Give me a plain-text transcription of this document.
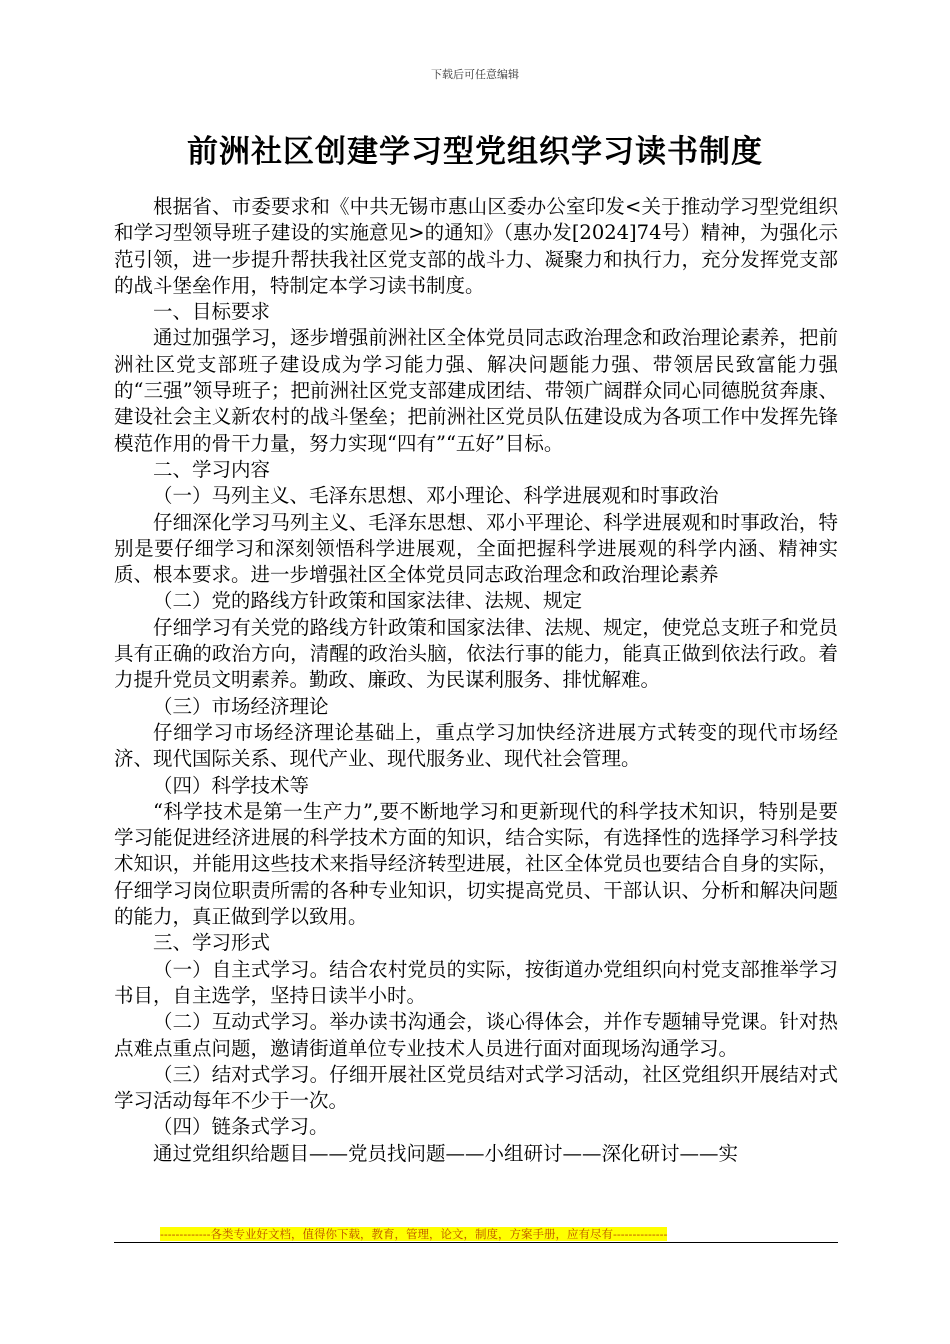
下载后可任意编辑
前洲社区创建学习型党组织学习读书制度

根据省、市委要求和《中共无锡市惠山区委办公室印发<关于推动学习型党组织和学习型领导班子建设的实施意见>的通知》（惠办发[2024]74号）精神，为强化示范引领，进一步提升帮扶我社区党支部的战斗力、凝聚力和执行力，充分发挥党支部的战斗堡垒作用，特制定本学习读书制度。

一、目标要求

通过加强学习，逐步增强前洲社区全体党员同志政治理念和政治理论素养，把前洲社区党支部班子建设成为学习能力强、解决问题能力强、带领居民致富能力强的“三强”领导班子；把前洲社区党支部建成团结、带领广阔群众同心同德脱贫奔康、建设社会主义新农村的战斗堡垒；把前洲社区党员队伍建设成为各项工作中发挥先锋模范作用的骨干力量，努力实现“四有”“五好”目标。

二、学习内容

（一）马列主义、毛泽东思想、邓小理论、科学进展观和时事政治

仔细深化学习马列主义、毛泽东思想、邓小平理论、科学进展观和时事政治，特别是要仔细学习和深刻领悟科学进展观，全面把握科学进展观的科学内涵、精神实质、根本要求。进一步增强社区全体党员同志政治理念和政治理论素养

（二）党的路线方针政策和国家法律、法规、规定

仔细学习有关党的路线方针政策和国家法律、法规、规定，使党总支班子和党员具有正确的政治方向，清醒的政治头脑，依法行事的能力，能真正做到依法行政。着力提升党员文明素养。勤政、廉政、为民谋利服务、排忧解难。

（三）市场经济理论

仔细学习市场经济理论基础上，重点学习加快经济进展方式转变的现代市场经济、现代国际关系、现代产业、现代服务业、现代社会管理。

（四）科学技术等

“科学技术是第一生产力”,要不断地学习和更新现代的科学技术知识，特别是要学习能促进经济进展的科学技术方面的知识，结合实际，有选择性的选择学习科学技术知识，并能用这些技术来指导经济转型进展，社区全体党员也要结合自身的实际，仔细学习岗位职责所需的各种专业知识，切实提高党员、干部认识、分析和解决问题的能力，真正做到学以致用。

三、学习形式

（一）自主式学习。结合农村党员的实际，按街道办党组织向村党支部推举学习书目，自主选学，坚持日读半小时。

（二）互动式学习。举办读书沟通会，谈心得体会，并作专题辅导党课。针对热点难点重点问题，邀请街道单位专业技术人员进行面对面现场沟通学习。

（三）结对式学习。仔细开展社区党员结对式学习活动，社区党组织开展结对式学习活动每年不少于一次。

（四）链条式学习。

通过党组织给题目——党员找问题——小组研讨——深化研讨——实

-------------各类专业好文档，值得你下载，教育，管理，论文，制度，方案手册，应有尽有--------------
